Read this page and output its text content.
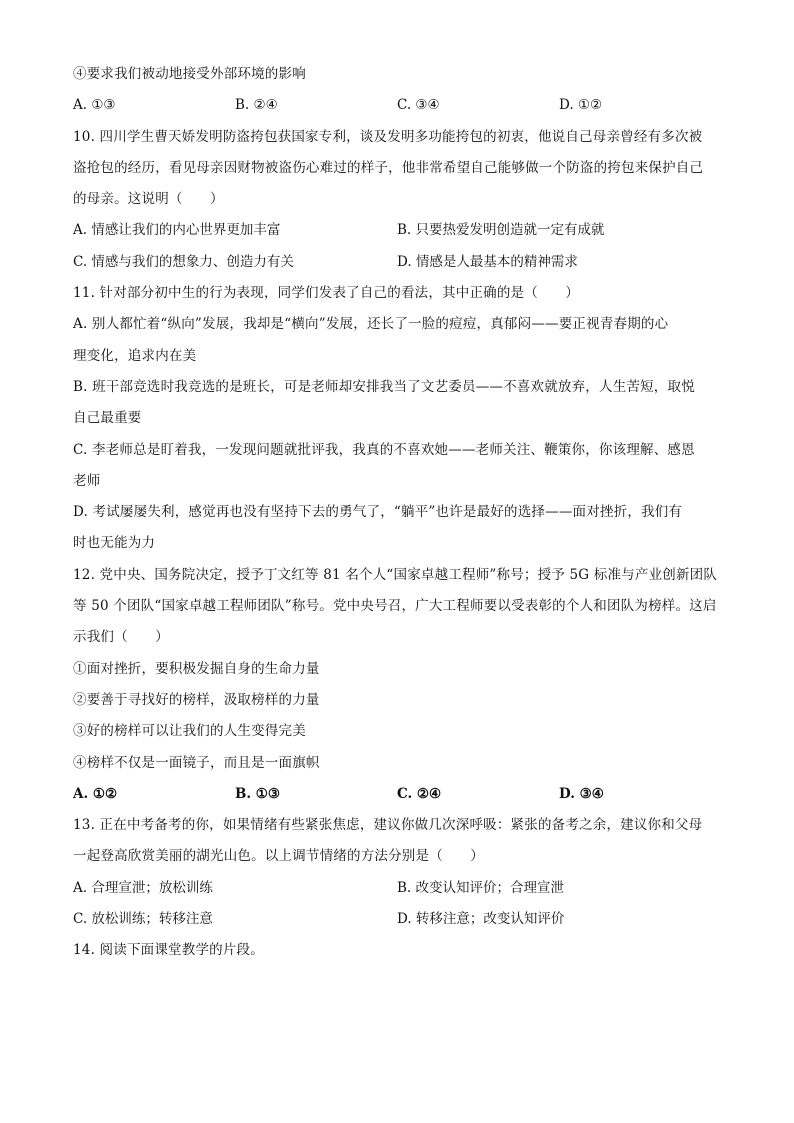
④要求我们被动地接受外部环境的影响
A. ①③	B. ②④	C. ③④	D. ①②
10. 四川学生曹天娇发明防盗挎包获国家专利，谈及发明多功能挎包的初衷，他说自己母亲曾经有多次被
盗抢包的经历，看见母亲因财物被盗伤心难过的样子，他非常希望自己能够做一个防盗的挎包来保护自己
的母亲。这说明（　　）
A. 情感让我们的内心世界更加丰富	B. 只要热爱发明创造就一定有成就
C. 情感与我们的想象力、创造力有关	D. 情感是人最基本的精神需求
11. 针对部分初中生的行为表现，同学们发表了自己的看法，其中正确的是（　　）
A. 别人都忙着“纵向”发展，我却是“横向”发展，还长了一脸的痘痘，真郁闷——要正视青春期的心
理变化，追求内在美
B. 班干部竞选时我竞选的是班长，可是老师却安排我当了文艺委员——不喜欢就放弃，人生苦短，取悦
自己最重要
C. 李老师总是盯着我，一发现问题就批评我，我真的不喜欢她——老师关注、鞭策你，你该理解、感恩
老师
D. 考试屡屡失利，感觉再也没有坚持下去的勇气了，“躺平”也许是最好的选择——面对挫折，我们有
时也无能为力
12. 党中央、国务院决定，授予丁文红等 81 名个人“国家卓越工程师”称号；授予 5G 标准与产业创新团队
等 50 个团队“国家卓越工程师团队”称号。党中央号召，广大工程师要以受表彰的个人和团队为榜样。这启
示我们（　　）
①面对挫折，要积极发掘自身的生命力量
②要善于寻找好的榜样，汲取榜样的力量
③好的榜样可以让我们的人生变得完美
④榜样不仅是一面镜子，而且是一面旗帜
A. ①②	B. ①③	C. ②④	D. ③④
13. 正在中考备考的你，如果情绪有些紧张焦虑，建议你做几次深呼吸：紧张的备考之余，建议你和父母
一起登高欣赏美丽的湖光山色。以上调节情绪的方法分别是（　　）
A. 合理宣泄；放松训练	B. 改变认知评价；合理宣泄
C. 放松训练；转移注意	D. 转移注意；改变认知评价
14. 阅读下面课堂教学的片段。
